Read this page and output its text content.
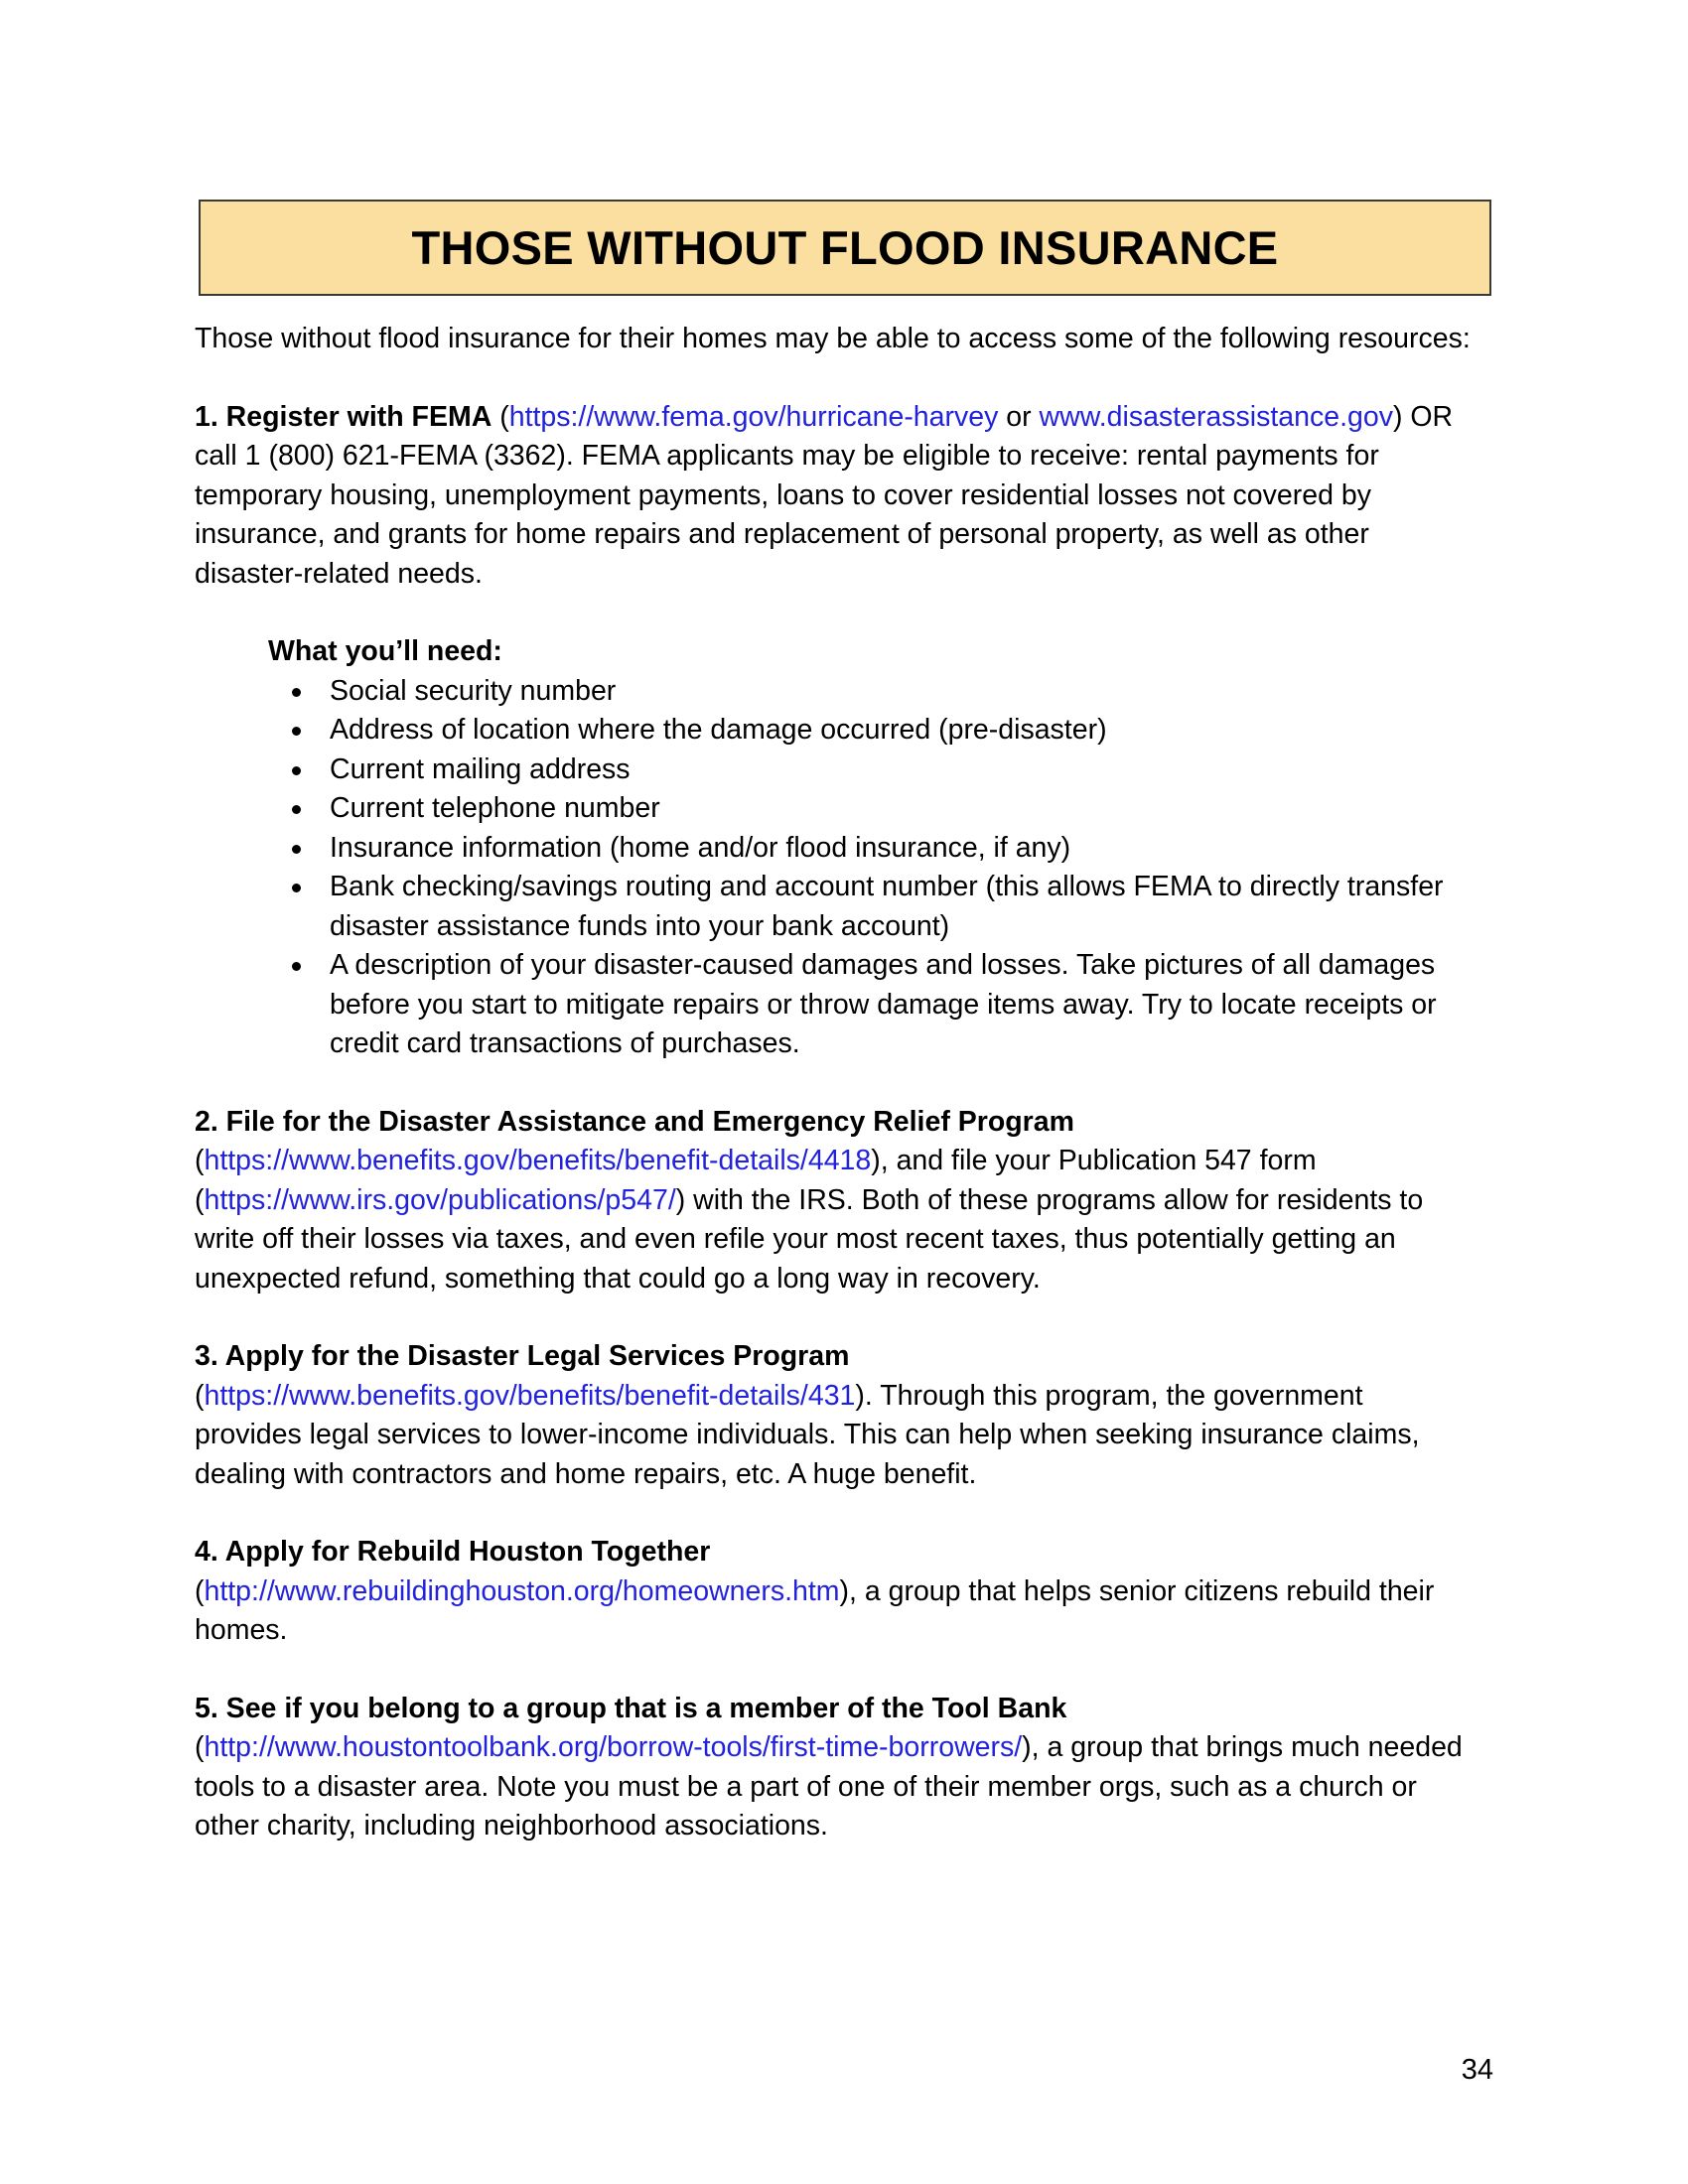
THOSE WITHOUT FLOOD INSURANCE

Those without flood insurance for their homes may be able to access some of the following resources:

1. Register with FEMA (https://www.fema.gov/hurricane-harvey or www.disasterassistance.gov) OR call 1 (800) 621-FEMA (3362). FEMA applicants may be eligible to receive: rental payments for temporary housing, unemployment payments, loans to cover residential losses not covered by insurance, and grants for home repairs and replacement of personal property, as well as other disaster-related needs.

What you’ll need:
Social security number
Address of location where the damage occurred (pre-disaster)
Current mailing address
Current telephone number
Insurance information (home and/or flood insurance, if any)
Bank checking/savings routing and account number (this allows FEMA to directly transfer disaster assistance funds into your bank account)
A description of your disaster-caused damages and losses. Take pictures of all damages before you start to mitigate repairs or throw damage items away. Try to locate receipts or credit card transactions of purchases.

2. File for the Disaster Assistance and Emergency Relief Program
(https://www.benefits.gov/benefits/benefit-details/4418), and file your Publication 547 form (https://www.irs.gov/publications/p547/) with the IRS. Both of these programs allow for residents to write off their losses via taxes, and even refile your most recent taxes, thus potentially getting an unexpected refund, something that could go a long way in recovery.

3. Apply for the Disaster Legal Services Program
(https://www.benefits.gov/benefits/benefit-details/431). Through this program, the government provides legal services to lower-income individuals. This can help when seeking insurance claims, dealing with contractors and home repairs, etc. A huge benefit.

4. Apply for Rebuild Houston Together
(http://www.rebuildinghouston.org/homeowners.htm), a group that helps senior citizens rebuild their homes.

5. See if you belong to a group that is a member of the Tool Bank
(http://www.houstontoolbank.org/borrow-tools/first-time-borrowers/), a group that brings much needed tools to a disaster area. Note you must be a part of one of their member orgs, such as a church or other charity, including neighborhood associations.

34
